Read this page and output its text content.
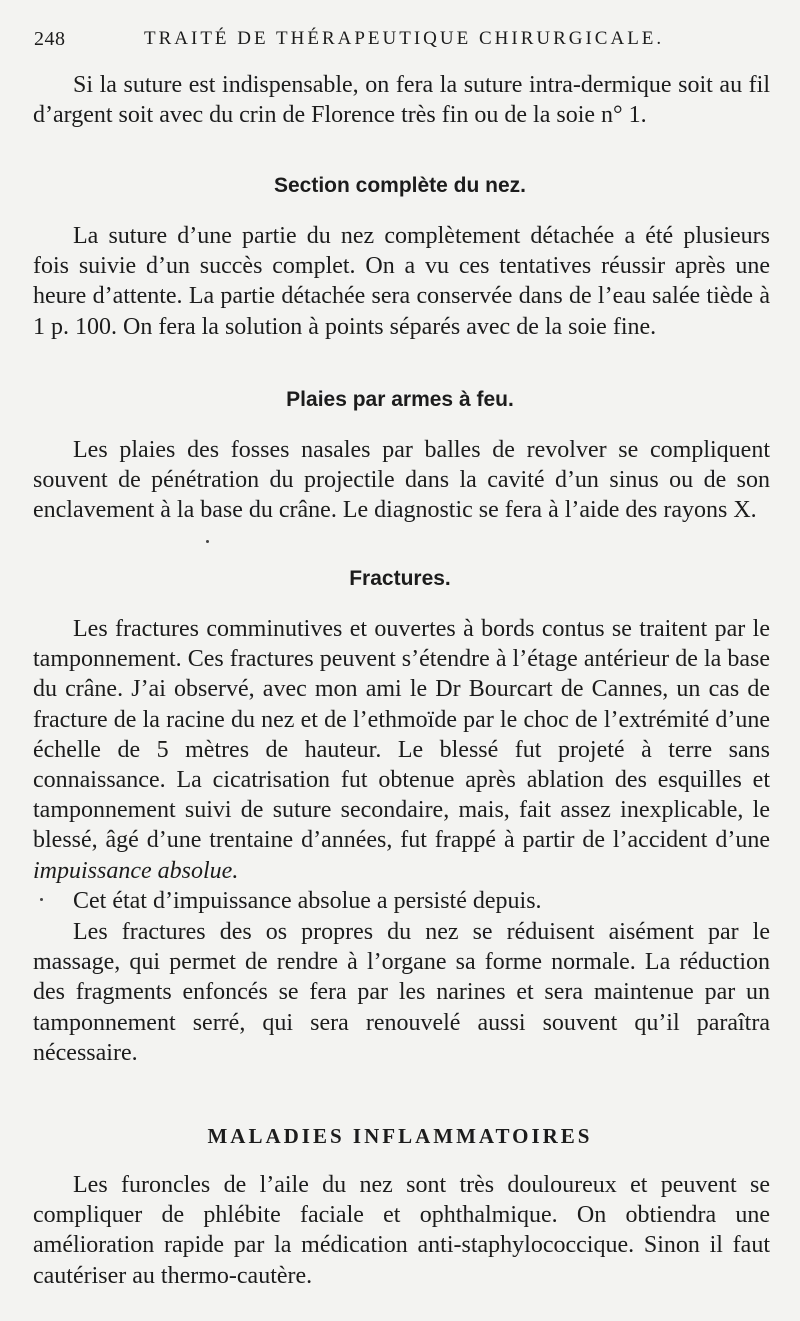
248	TRAITÉ DE THÉRAPEUTIQUE CHIRURGICALE.

Si la suture est indispensable, on fera la suture intra-dermique soit au fil d’argent soit avec du crin de Florence très fin ou de la soie n° 1.

Section complète du nez.

La suture d’une partie du nez complètement détachée a été plusieurs fois suivie d’un succès complet. On a vu ces tentatives réussir après une heure d’attente. La partie détachée sera conservée dans de l’eau salée tiède à 1 p. 100. On fera la solution à points séparés avec de la soie fine.

Plaies par armes à feu.

Les plaies des fosses nasales par balles de revolver se compliquent souvent de pénétration du projectile dans la cavité d’un sinus ou de son enclavement à la base du crâne. Le diagnostic se fera à l’aide des rayons X.

Fractures.

Les fractures comminutives et ouvertes à bords contus se traitent par le tamponnement. Ces fractures peuvent s’étendre à l’étage antérieur de la base du crâne. J’ai observé, avec mon ami le Dr Bourcart de Cannes, un cas de fracture de la racine du nez et de l’ethmoïde par le choc de l’extrémité d’une échelle de 5 mètres de hauteur. Le blessé fut projeté à terre sans connaissance. La cicatrisation fut obtenue après ablation des esquilles et tamponnement suivi de suture secondaire, mais, fait assez inexplicable, le blessé, âgé d’une trentaine d’années, fut frappé à partir de l’accident d’une impuissance absolue.

Cet état d’impuissance absolue a persisté depuis.

Les fractures des os propres du nez se réduisent aisément par le massage, qui permet de rendre à l’organe sa forme normale. La réduction des fragments enfoncés se fera par les narines et sera maintenue par un tamponnement serré, qui sera renouvelé aussi souvent qu’il paraîtra nécessaire.

MALADIES INFLAMMATOIRES

Les furoncles de l’aile du nez sont très douloureux et peuvent se compliquer de phlébite faciale et ophthalmique. On obtiendra une amélioration rapide par la médication anti-staphylococcique. Sinon il faut cautériser au thermo-cautère.
